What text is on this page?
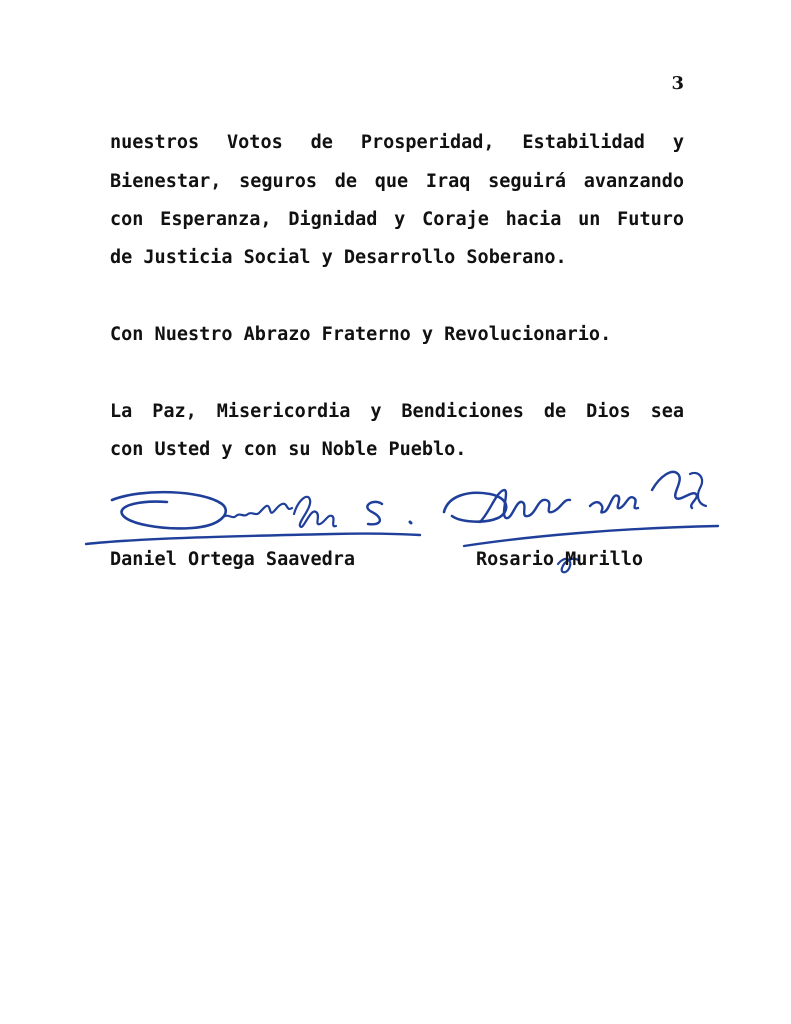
3
nuestros Votos de Prosperidad, Estabilidad y
Bienestar, seguros de que Iraq seguirá avanzando
con Esperanza, Dignidad y Coraje hacia un Futuro
de Justicia Social y Desarrollo Soberano.
Con Nuestro Abrazo Fraterno y Revolucionario.
La Paz, Misericordia y Bendiciones de Dios sea
con Usted y con su Noble Pueblo.
Daniel Ortega Saavedra	Rosario Murillo
